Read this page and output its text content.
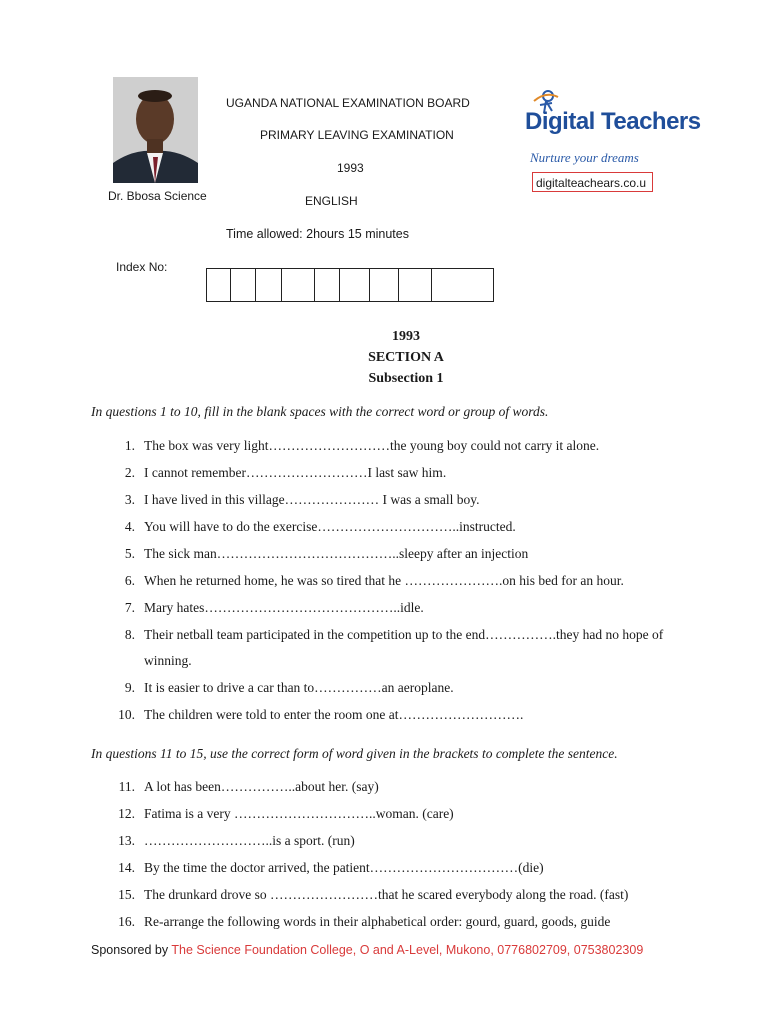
Dr. Bbosa Science
UGANDA NATIONAL EXAMINATION BOARD
PRIMARY LEAVING EXAMINATION
1993
ENGLISH
Time allowed: 2hours 15 minutes
Index No:
Digital Teachers
Nurture your dreams
digitalteachears.co.u
1993
SECTION A
Subsection 1
In questions 1 to 10, fill in the blank spaces with the correct word or group of words.
1. The box was very light………………………the young boy could not carry it alone.
2. I cannot remember………………………I last saw him.
3. I have lived in this village………………… I was a small boy.
4. You will have to do the exercise…………………………..instructed.
5. The sick man…………………………………..sleepy after an injection
6. When he returned home, he was so tired that he ………………….on his bed for an hour.
7. Mary hates……………………………………..idle.
8. Their netball team participated in the competition up to the end…………….they had no hope of winning.
9. It is easier to drive a car than to……………an aeroplane.
10. The children were told to enter the room one at……………………….
In questions 11 to 15, use the correct form of word given in the brackets to complete the sentence.
11. A lot has been……………..about her. (say)
12. Fatima is a very …………………………..woman. (care)
13. ………………………..is a sport. (run)
14. By the time the doctor arrived, the patient……………………………(die)
15. The drunkard drove so ……………………that he scared everybody along the road. (fast)
16. Re-arrange the following words in their alphabetical order: gourd, guard, goods, guide
Sponsored by The Science Foundation College, O and A-Level, Mukono, 0776802709, 0753802309
